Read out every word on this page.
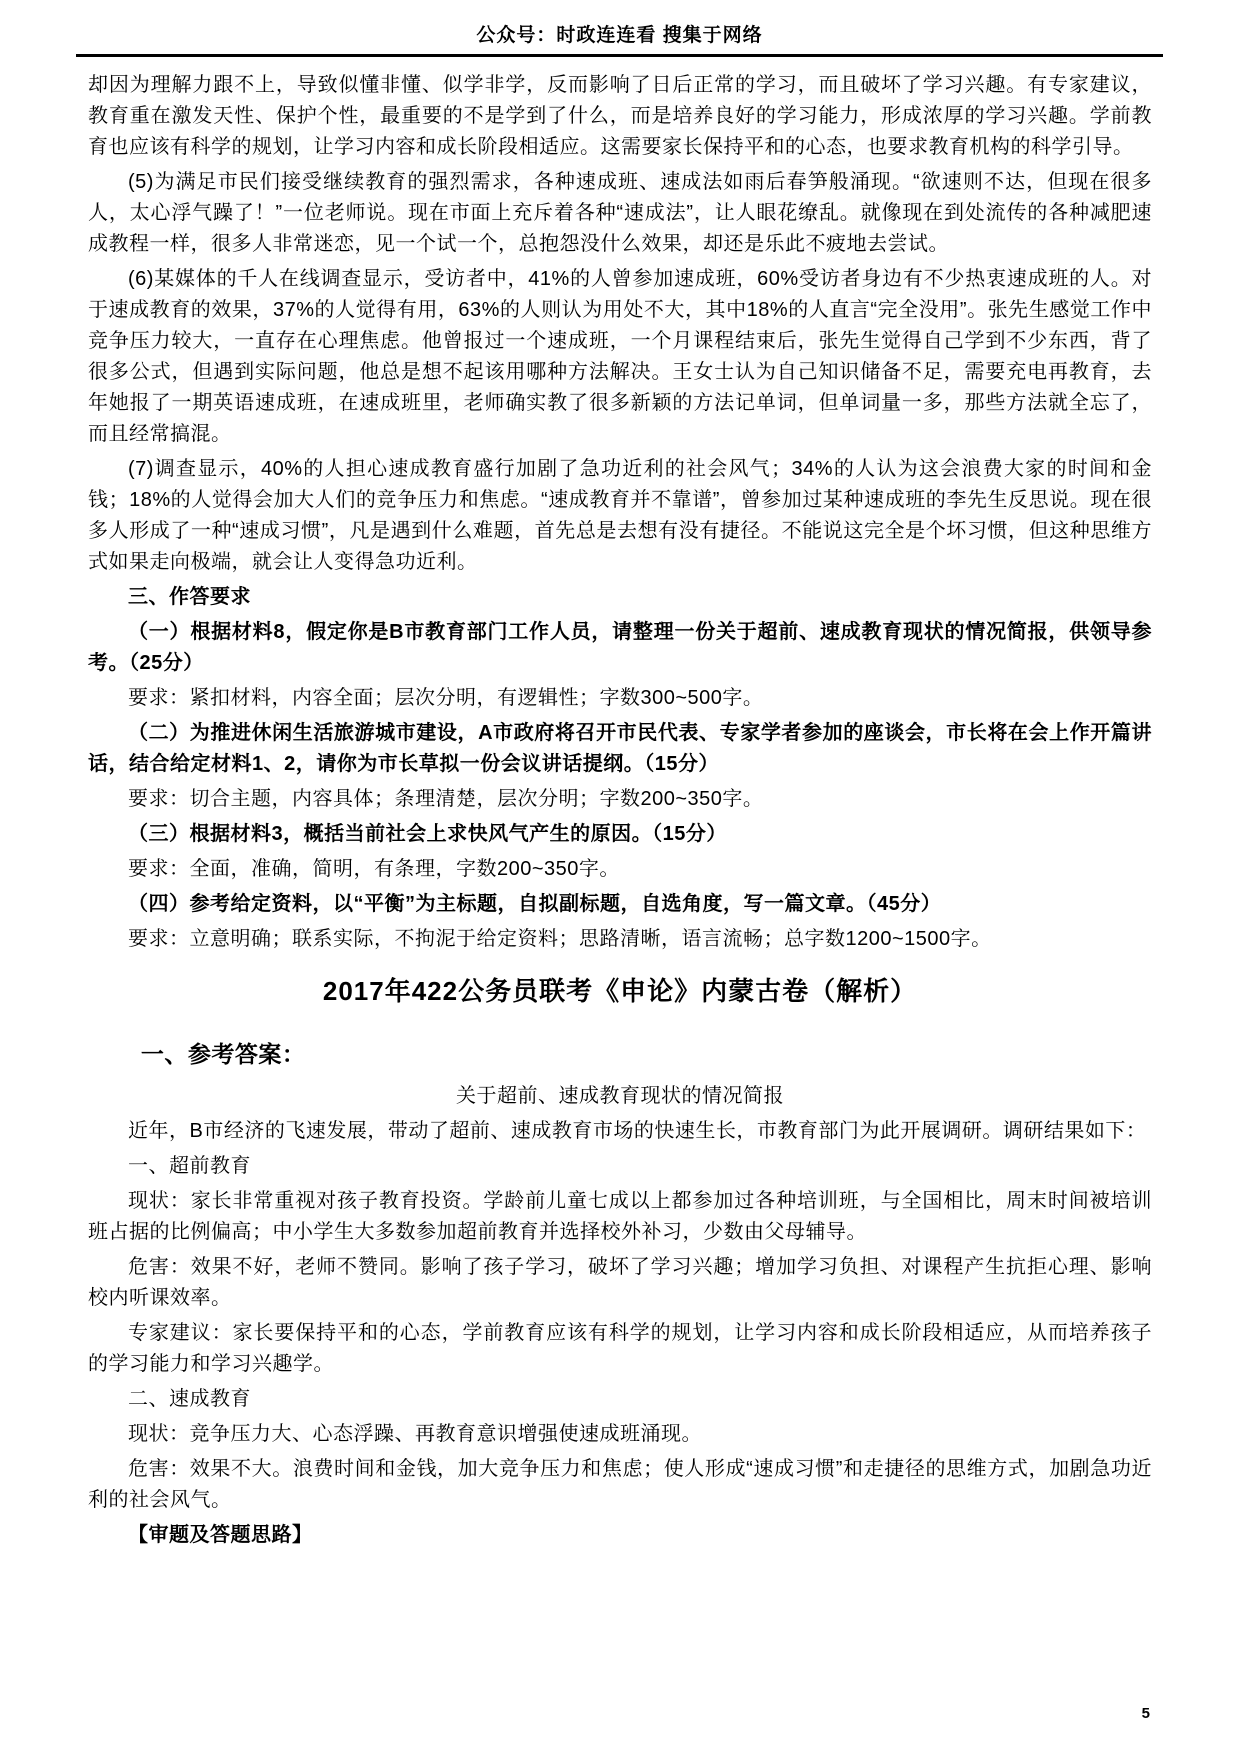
公众号：时政连连看 搜集于网络

却因为理解力跟不上，导致似懂非懂、似学非学，反而影响了日后正常的学习，而且破坏了学习兴趣。有专家建议，教育重在激发天性、保护个性，最重要的不是学到了什么，而是培养良好的学习能力，形成浓厚的学习兴趣。学前教育也应该有科学的规划，让学习内容和成长阶段相适应。这需要家长保持平和的心态，也要求教育机构的科学引导。

(5)为满足市民们接受继续教育的强烈需求，各种速成班、速成法如雨后春笋般涌现。“欲速则不达，但现在很多人，太心浮气躁了！”一位老师说。现在市面上充斥着各种“速成法”，让人眼花缭乱。就像现在到处流传的各种减肥速成教程一样，很多人非常迷恋，见一个试一个，总抱怨没什么效果，却还是乐此不疲地去尝试。

(6)某媒体的千人在线调查显示，受访者中，41%的人曾参加速成班，60%受访者身边有不少热衷速成班的人。对于速成教育的效果，37%的人觉得有用，63%的人则认为用处不大，其中18%的人直言“完全没用”。张先生感觉工作中竞争压力较大，一直存在心理焦虑。他曾报过一个速成班，一个月课程结束后，张先生觉得自己学到不少东西，背了很多公式，但遇到实际问题，他总是想不起该用哪种方法解决。王女士认为自己知识储备不足，需要充电再教育，去年她报了一期英语速成班，在速成班里，老师确实教了很多新颖的方法记单词，但单词量一多，那些方法就全忘了，而且经常搞混。

(7)调查显示，40%的人担心速成教育盛行加剧了急功近利的社会风气；34%的人认为这会浪费大家的时间和金钱；18%的人觉得会加大人们的竞争压力和焦虑。“速成教育并不靠谱”，曾参加过某种速成班的李先生反思说。现在很多人形成了一种“速成习惯”，凡是遇到什么难题，首先总是去想有没有捷径。不能说这完全是个坏习惯，但这种思维方式如果走向极端，就会让人变得急功近利。

三、作答要求

（一）根据材料8，假定你是B市教育部门工作人员，请整理一份关于超前、速成教育现状的情况简报，供领导参考。（25分）

要求：紧扣材料，内容全面；层次分明，有逻辑性；字数300~500字。

（二）为推进休闲生活旅游城市建设，A市政府将召开市民代表、专家学者参加的座谈会，市长将在会上作开篇讲话，结合给定材料1、2，请你为市长草拟一份会议讲话提纲。（15分）

要求：切合主题，内容具体；条理清楚，层次分明；字数200~350字。

（三）根据材料3，概括当前社会上求快风气产生的原因。（15分）

要求：全面，准确，简明，有条理，字数200~350字。

（四）参考给定资料，以“平衡”为主标题，自拟副标题，自选角度，写一篇文章。（45分）

要求：立意明确；联系实际，不拘泥于给定资料；思路清晰，语言流畅；总字数1200~1500字。

2017年422公务员联考《申论》内蒙古卷（解析）
一、参考答案：

关于超前、速成教育现状的情况简报

近年，B市经济的飞速发展，带动了超前、速成教育市场的快速生长，市教育部门为此开展调研。调研结果如下：

一、超前教育

现状：家长非常重视对孩子教育投资。学龄前儿童七成以上都参加过各种培训班，与全国相比，周末时间被培训班占据的比例偏高；中小学生大多数参加超前教育并选择校外补习，少数由父母辅导。

危害：效果不好，老师不赞同。影响了孩子学习，破坏了学习兴趣；增加学习负担、对课程产生抗拒心理、影响校内听课效率。

专家建议：家长要保持平和的心态，学前教育应该有科学的规划，让学习内容和成长阶段相适应，从而培养孩子的学习能力和学习兴趣学。

二、速成教育

现状：竞争压力大、心态浮躁、再教育意识增强使速成班涌现。

危害：效果不大。浪费时间和金钱，加大竞争压力和焦虑；使人形成“速成习惯”和走捷径的思维方式，加剧急功近利的社会风气。

【审题及答题思路】

5
